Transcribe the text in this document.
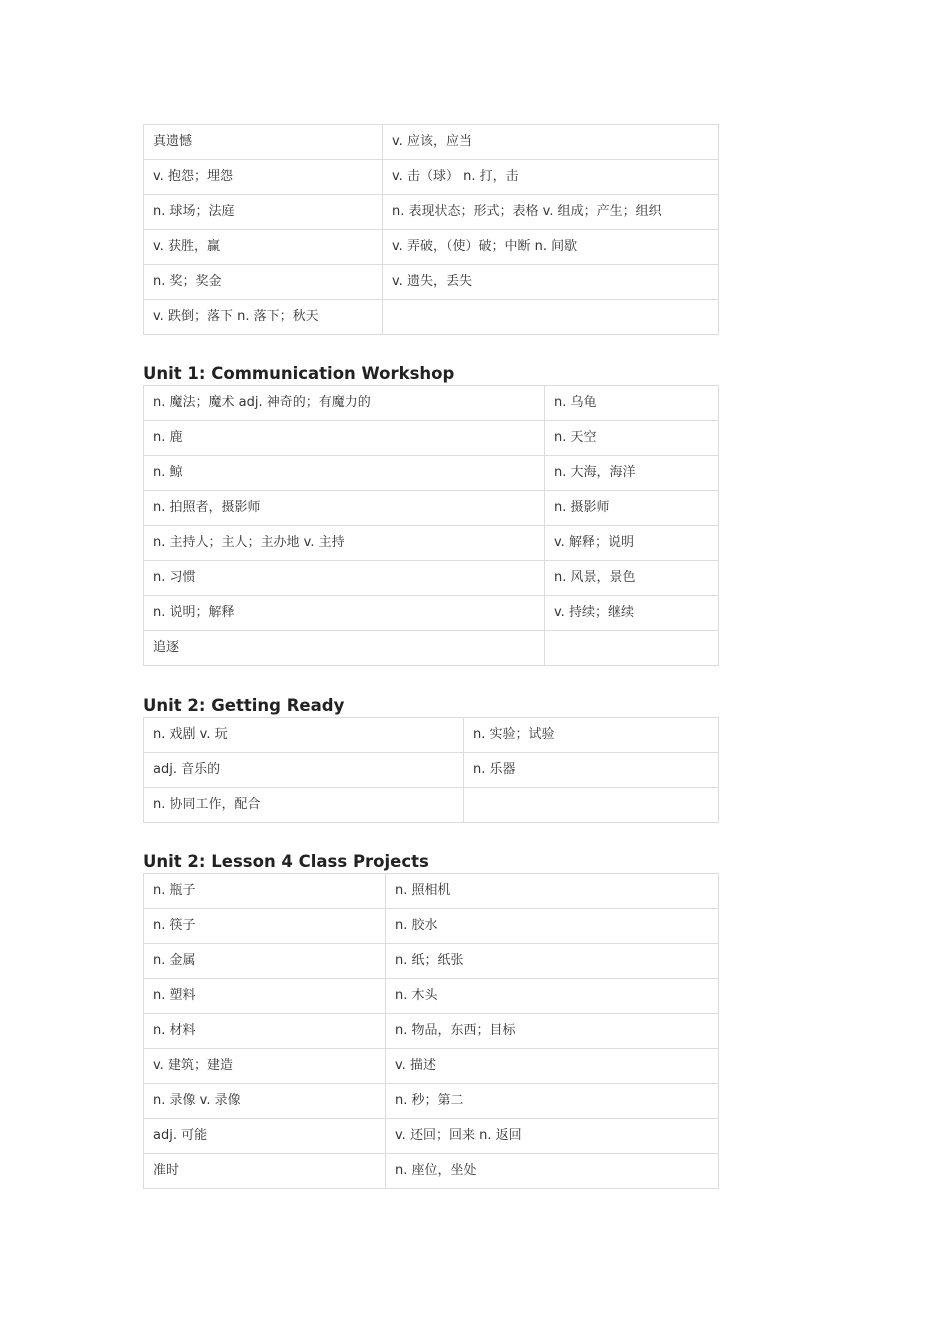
真遗憾	v. 应该，应当
v. 抱怨；埋怨	v. 击（球） n. 打，击
n. 球场；法庭	n. 表现状态；形式；表格 v. 组成；产生；组织
v. 获胜，赢	v. 弄破，（使）破；中断 n. 间歇
n. 奖；奖金	v. 遗失，丢失
v. 跌倒；落下 n. 落下；秋天	
Unit 1: Communication Workshop
n. 魔法；魔术 adj. 神奇的；有魔力的	n. 乌龟
n. 鹿	n. 天空
n. 鲸	n. 大海，海洋
n. 拍照者，摄影师	n. 摄影师
n. 主持人；主人；主办地 v. 主持	v. 解释；说明
n. 习惯	n. 风景，景色
n. 说明；解释	v. 持续；继续
追逐	
Unit 2: Getting Ready
n. 戏剧 v. 玩	n. 实验；试验
adj. 音乐的	n. 乐器
n. 协同工作，配合	
Unit 2: Lesson 4 Class Projects
n. 瓶子	n. 照相机
n. 筷子	n. 胶水
n. 金属	n. 纸；纸张
n. 塑料	n. 木头
n. 材料	n. 物品，东西；目标
v. 建筑；建造	v. 描述
n. 录像 v. 录像	n. 秒；第二
adj. 可能	v. 还回；回来 n. 返回
准时	n. 座位，坐处
